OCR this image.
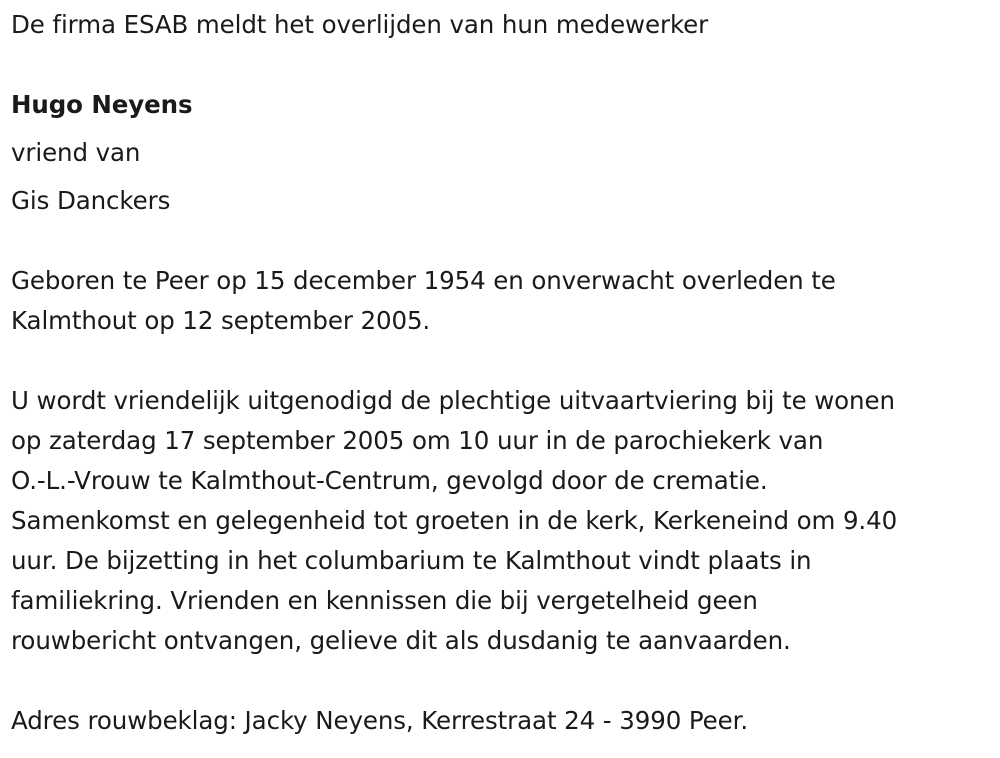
De firma ESAB meldt het overlijden van hun medewerker
Hugo Neyens
vriend van
Gis Danckers
Geboren te Peer op 15 december 1954 en onverwacht overleden te
Kalmthout op 12 september 2005.
U wordt vriendelijk uitgenodigd de plechtige uitvaartviering bij te wonen
op zaterdag 17 september 2005 om 10 uur in de parochiekerk van
O.-L.-Vrouw te Kalmthout-Centrum, gevolgd door de crematie.
Samenkomst en gelegenheid tot groeten in de kerk, Kerkeneind om 9.40
uur. De bijzetting in het columbarium te Kalmthout vindt plaats in
familiekring. Vrienden en kennissen die bij vergetelheid geen
rouwbericht ontvangen, gelieve dit als dusdanig te aanvaarden.
Adres rouwbeklag: Jacky Neyens, Kerrestraat 24 - 3990 Peer.
